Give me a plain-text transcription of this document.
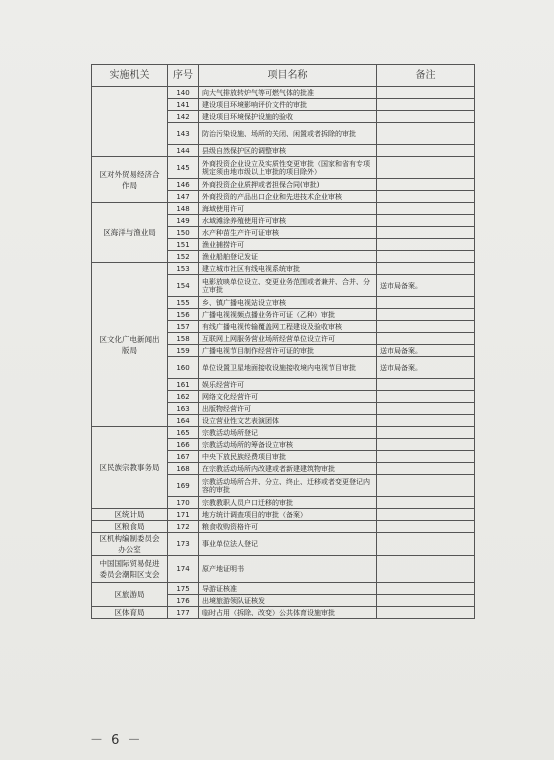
实施机关	序号	项目名称	备注
	140	向大气排放转炉气等可燃气体的批准	
	141	建设项目环境影响评价文件的审批	
	142	建设项目环境保护设施的验收	
	143	防治污染设施、场所的关闭、闲置或者拆除的审批	
	144	县级自然保护区的调整审核	
区对外贸易经济合作局	145	外商投资企业设立及实质性变更审批（国家和省有专项规定须由地市级以上审批的项目除外）	
	146	外商投资企业质押或者担保合同(审批)	
	147	外商投资的产品出口企业和先进技术企业审核	
区海洋与渔业局	148	海域使用许可	
	149	水域滩涂养殖使用许可审核	
	150	水产种苗生产许可证审核	
	151	渔业捕捞许可	
	152	渔业船舶登记发证	
区文化广电新闻出版局	153	建立城市社区有线电视系统审批	
	154	电影放映单位设立、变更业务范围或者兼并、合并、分立审批	送市局备案。
	155	乡、镇广播电视站设立审核	
	156	广播电视视频点播业务许可证（乙种）审批	
	157	有线广播电视传输覆盖网工程建设及验收审核	
	158	互联网上网服务营业场所经营单位设立许可	
	159	广播电视节目制作经营许可证的审批	送市局备案。
	160	单位设置卫星地面接收设施接收境内电视节目审批	送市局备案。
	161	娱乐经营许可	
	162	网络文化经营许可	
	163	出版物经营许可	
	164	设立营业性文艺表演团体	
区民族宗教事务局	165	宗教活动场所登记	
	166	宗教活动场所的筹备设立审核	
	167	中央下放民族经费项目审批	
	168	在宗教活动场所内改建或者新建建筑物审批	
	169	宗教活动场所合并、分立、终止、迁移或者变更登记内容的审批	
	170	宗教教职人员户口迁移的审批	
区统计局	171	地方统计调查项目的审批（备案）	
区粮食局	172	粮食收购资格许可	
区机构编制委员会办公室	173	事业单位法人登记	
中国国际贸易促进委员会潮阳区支会	174	原产地证明书	
区旅游局	175	导游证核准	
	176	出境旅游领队证核发	
区体育局	177	临时占用（拆除、改变）公共体育设施审批	
－ 6 －
